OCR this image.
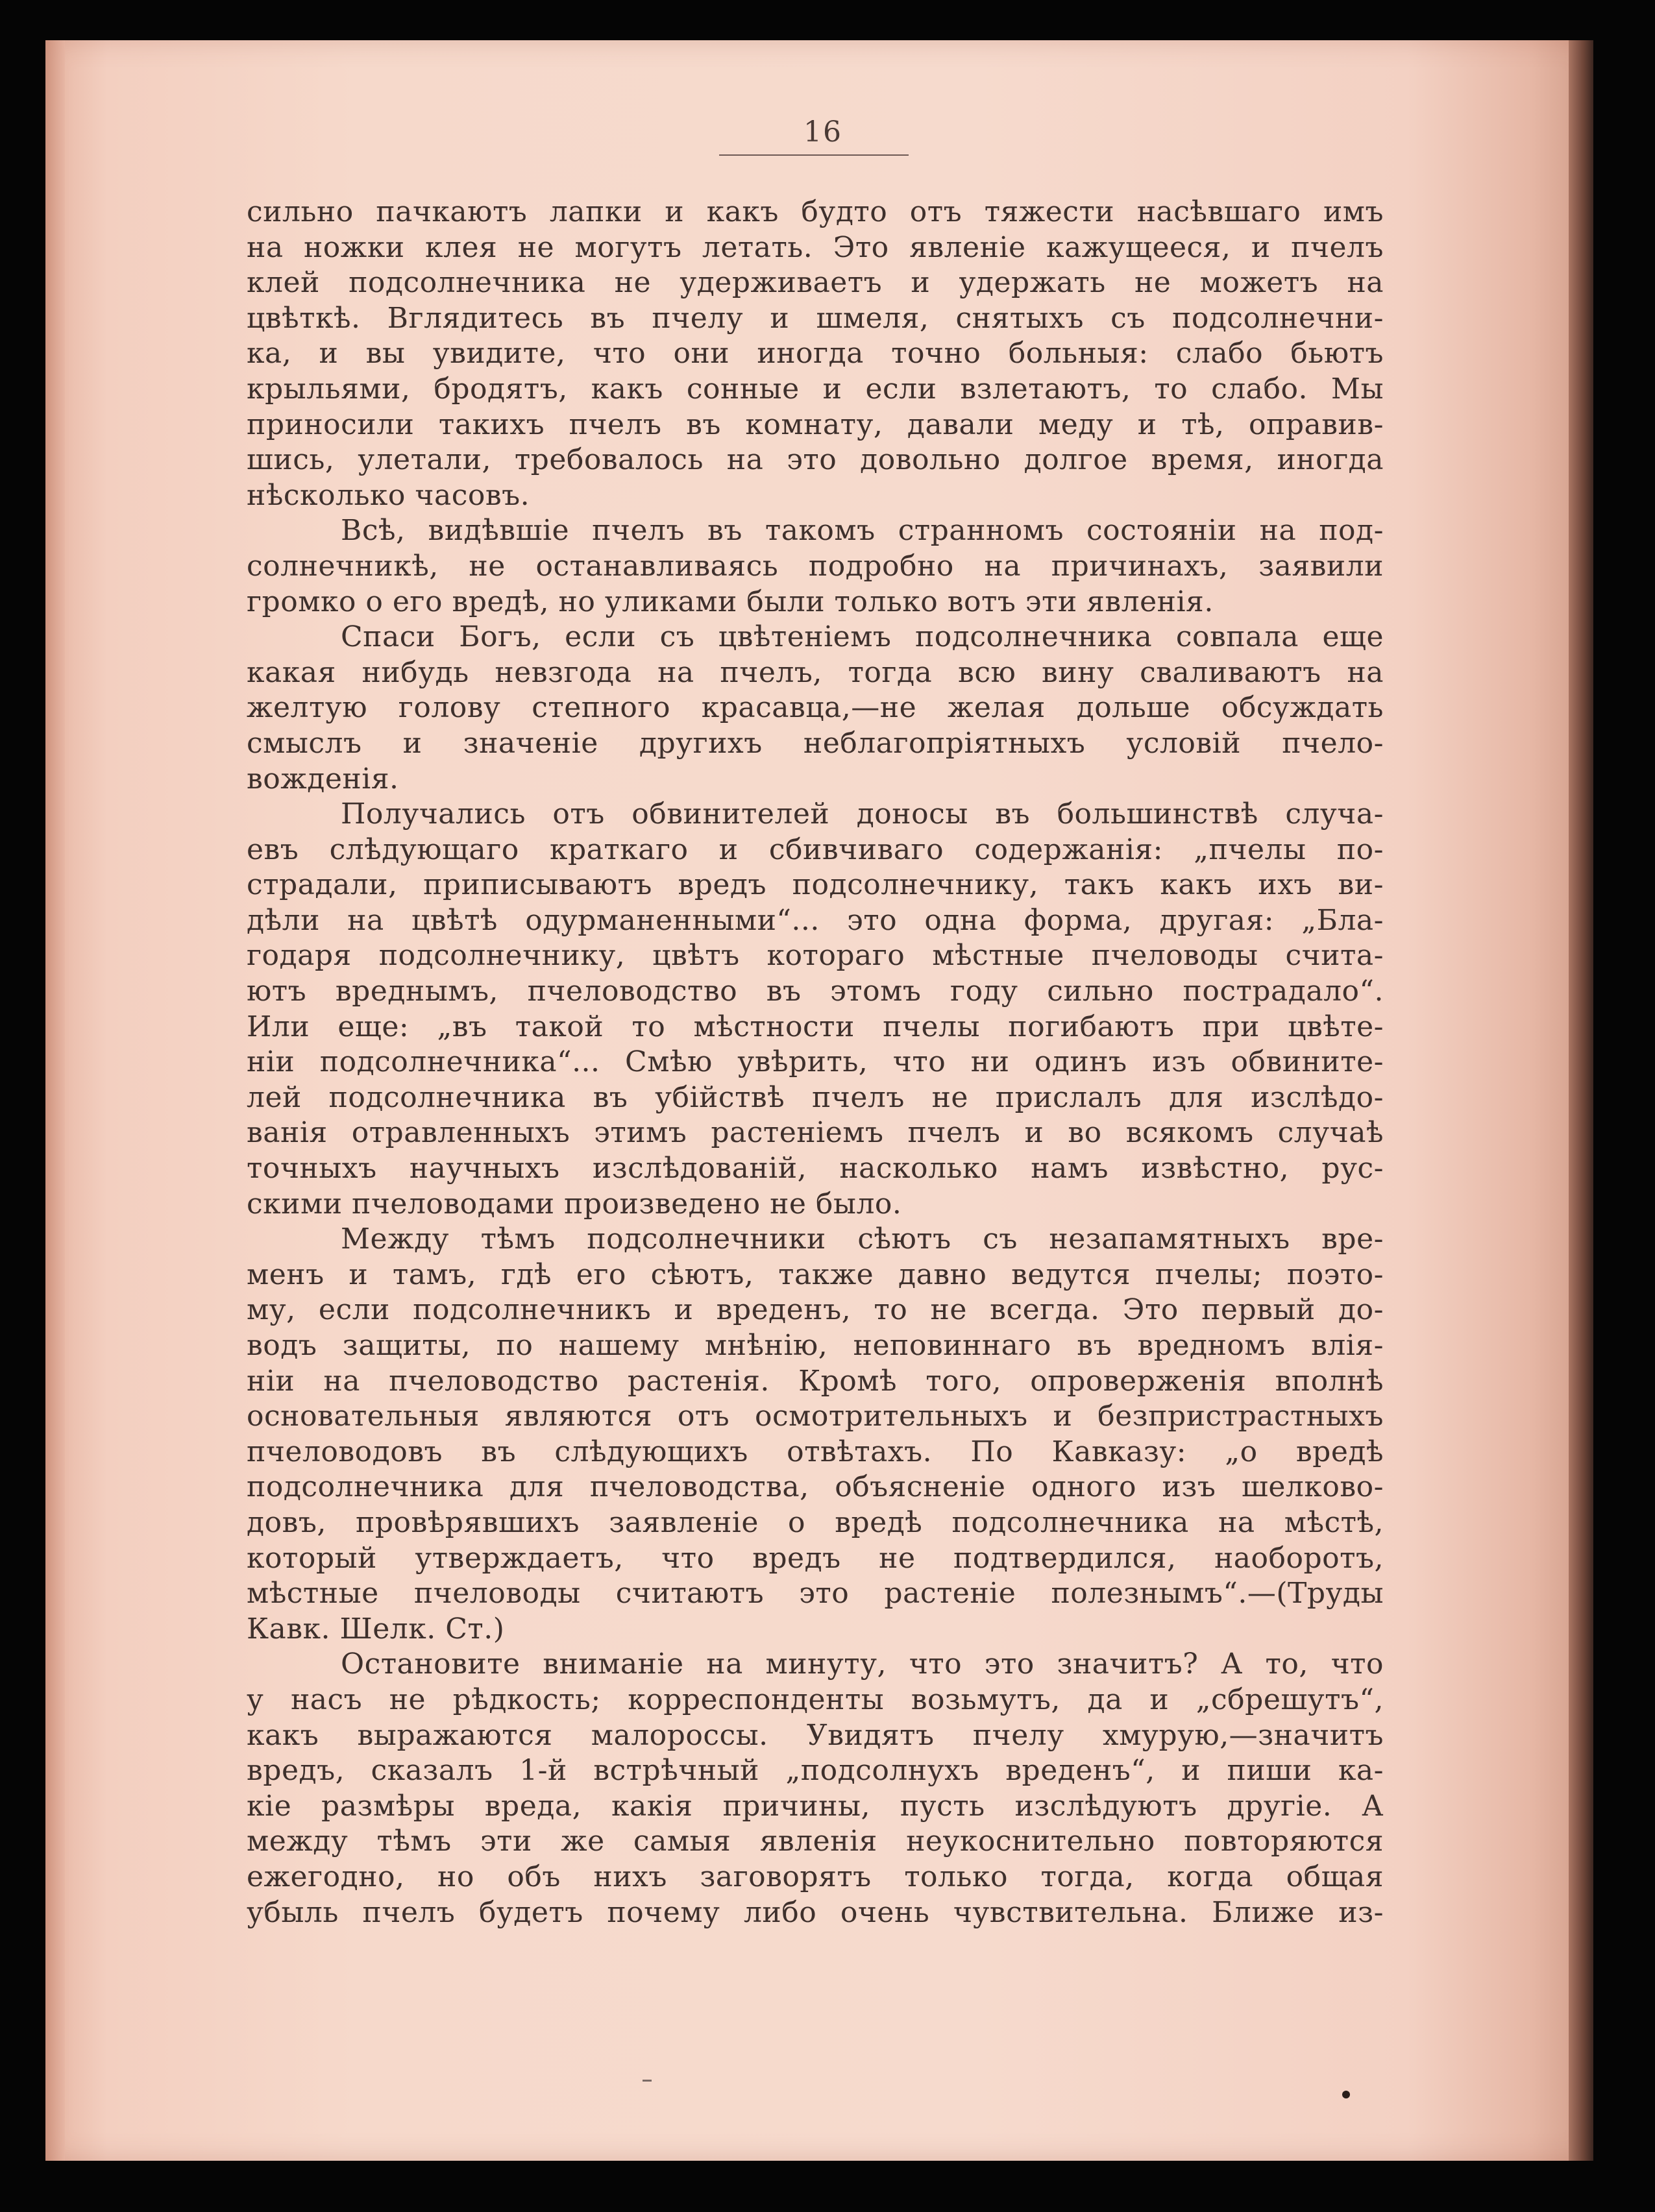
16
сильно пачкаютъ лапки и какъ будто отъ тяжести насѣвшаго имъ
на ножки клея не могутъ летать. Это явленіе кажущееся, и пчелъ
клей подсолнечника не удерживаетъ и удержать не можетъ на
цвѣткѣ. Вглядитесь въ пчелу и шмеля, снятыхъ съ подсолнечни-
ка, и вы увидите, что они иногда точно больныя: слабо бьютъ
крыльями, бродятъ, какъ сонные и если взлетаютъ, то слабо. Мы
приносили такихъ пчелъ въ комнату, давали меду и тѣ, оправив-
шись, улетали, требовалось на это довольно долгое время, иногда
нѣсколько часовъ.
Всѣ, видѣвшіе пчелъ въ такомъ странномъ состояніи на под-
солнечникѣ, не останавливаясь подробно на причинахъ, заявили
громко о его вредѣ, но уликами были только вотъ эти явленія.
Спаси Богъ, если съ цвѣтеніемъ подсолнечника совпала еще
какая нибудь невзгода на пчелъ, тогда всю вину сваливаютъ на
желтую голову степного красавца,—не желая дольше обсуждать
смыслъ и значеніе другихъ неблагопріятныхъ условій пчело-
вожденія.
Получались отъ обвинителей доносы въ большинствѣ случа-
евъ слѣдующаго краткаго и сбивчиваго содержанія: „пчелы по-
страдали, приписываютъ вредъ подсолнечнику, такъ какъ ихъ ви-
дѣли на цвѣтѣ одурманенными“... это одна форма, другая: „Бла-
годаря подсолнечнику, цвѣтъ котораго мѣстные пчеловоды счита-
ютъ вреднымъ, пчеловодство въ этомъ году сильно пострадало“.
Или еще: „въ такой то мѣстности пчелы погибаютъ при цвѣте-
ніи подсолнечника“... Смѣю увѣрить, что ни одинъ изъ обвините-
лей подсолнечника въ убійствѣ пчелъ не прислалъ для изслѣдо-
ванія отравленныхъ этимъ растеніемъ пчелъ и во всякомъ случаѣ
точныхъ научныхъ изслѣдованій, насколько намъ извѣстно, рус-
скими пчеловодами произведено не было.
Между тѣмъ подсолнечники сѣютъ съ незапамятныхъ вре-
менъ и тамъ, гдѣ его сѣютъ, также давно ведутся пчелы; поэто-
му, если подсолнечникъ и вреденъ, то не всегда. Это первый до-
водъ защиты, по нашему мнѣнію, неповиннаго въ вредномъ влія-
ніи на пчеловодство растенія. Кромѣ того, опроверженія вполнѣ
основательныя являются отъ осмотрительныхъ и безпристрастныхъ
пчеловодовъ въ слѣдующихъ отвѣтахъ. По Кавказу: „о вредѣ
подсолнечника для пчеловодства, объясненіе одного изъ шелково-
довъ, провѣрявшихъ заявленіе о вредѣ подсолнечника на мѣстѣ,
который утверждаетъ, что вредъ не подтвердился, наоборотъ,
мѣстные пчеловоды считаютъ это растеніе полезнымъ“.—(Труды
Кавк. Шелк. Ст.)
Остановите вниманіе на минуту, что это значитъ? А то, что
у насъ не рѣдкость; корреспонденты возьмутъ, да и „сбрешутъ“,
какъ выражаются малороссы. Увидятъ пчелу хмурую,—значитъ
вредъ, сказалъ 1-й встрѣчный „подсолнухъ вреденъ“, и пиши ка-
кіе размѣры вреда, какія причины, пусть изслѣдуютъ другіе. А
между тѣмъ эти же самыя явленія неукоснительно повторяются
ежегодно, но объ нихъ заговорятъ только тогда, когда общая
убыль пчелъ будетъ почему либо очень чувствительна. Ближе из-
